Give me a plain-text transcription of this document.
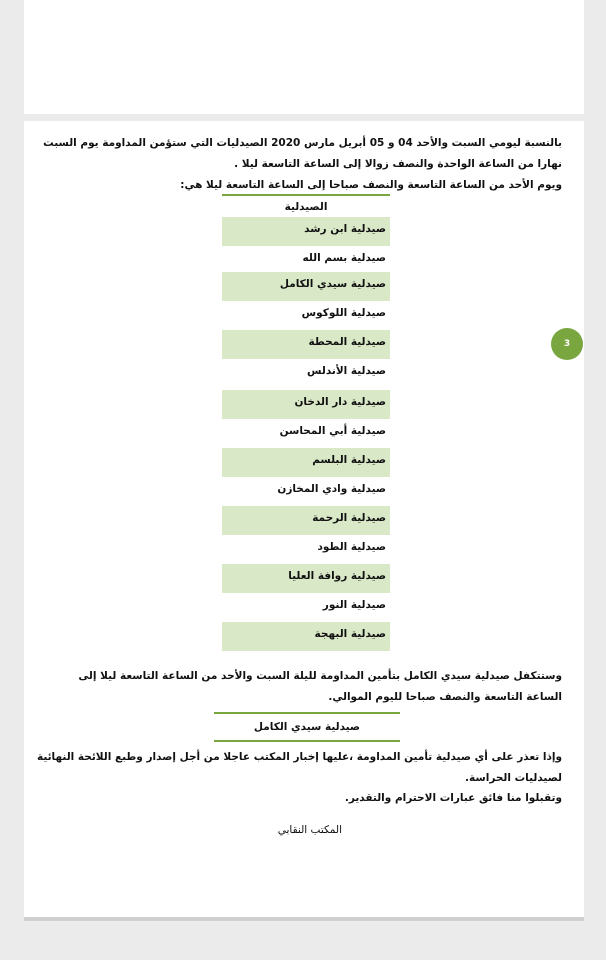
3
بالنسبة ليومي السبت والأحد 04 و 05 أبريل مارس 2020 الصيدليات التي ستؤمن المداومة يوم السبت
نهارا من الساعة الواحدة والنصف زوالا إلى الساعة التاسعة ليلا .
ويوم الأحد من الساعة التاسعة والنصف صباحا إلى الساعة التاسعة ليلا هي:
الصيدلية
صيدلية ابن رشد
صيدلية بسم الله
صيدلية سيدي الكامل
صيدلية اللوكوس
صيدلية المحطة
صيدلية الأندلس
صيدلية دار الدخان
صيدلية أبي المحاسن
صيدلية البلسم
صيدلية وادي المخازن
صيدلية الرحمة
صيدلية الطود
صيدلية روافة العليا
صيدلية النور
صيدلية البهجة
وستتكفل صيدلية سيدي الكامل بتأمين المداومة لليلة السبت والأحد من الساعة التاسعة ليلا إلى
الساعة التاسعة والنصف صباحا لليوم الموالي.
صيدلية سيدي الكامل
وإذا تعذر على أي صيدلية تأمين المداومة ،عليها إخبار المكتب عاجلا من أجل إصدار وطبع اللائحة النهائية
لصيدليات الحراسة.
وتقبلوا منا فائق عبارات الاحترام والتقدير.
المكتب النقابي
